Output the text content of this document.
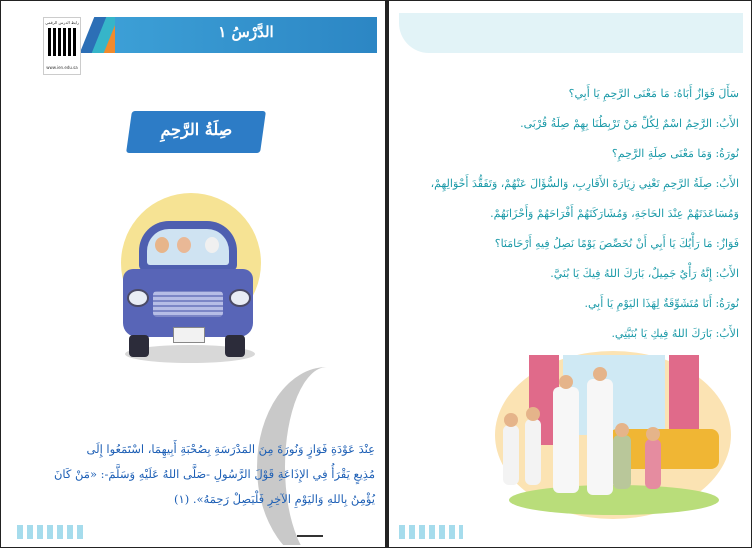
الدَّرْسُ ١
رابط الدرس الرقمي
www.ien.edu.sa
صِلَةُ الرَّحِمِ
عِنْدَ عَوْدَةِ فَوَازٍ وَنُورَةَ مِنَ المَدْرَسَةِ بِصُحْبَةِ أَبِيهِمَا، اسْتَمَعُوا إِلَى
مُذِيعٍ يَقْرَأُ فِي الإِذَاعَةِ قَوْلَ الرَّسُولِ -صَلَّى اللهُ عَلَيْهِ وَسَلَّمَ-: «مَنْ كَانَ
يُؤْمِنُ بِاللهِ وَاليَوْمِ الآخِرِ فَلْيَصِلْ رَحِمَهُ». (١)
سَأَلَ فَوَازٌ أَبَاهُ: مَا مَعْنَى الرَّحِمِ يَا أَبِي؟
الأَبُ: الرَّحِمُ اسْمٌ لِكُلِّ مَنْ تَرْبِطُنَا بِهِمْ صِلَةُ قُرْبَى.
نُورَةُ: وَمَا مَعْنَى صِلَةِ الرَّحِمِ؟
الأَبُ: صِلَةُ الرَّحِمِ تَعْنِي زِيَارَةَ الأَقَارِبِ، وَالسُّؤَالَ عَنْهُمْ، وَتَفَقُّدَ أَحْوَالِهِمْ،
وَمُسَاعَدَتَهُمْ عِنْدَ الحَاجَةِ، وَمُشَارَكَتَهُمْ أَفْرَاحَهُمْ وَأَحْزَانَهُمْ.
فَوَازٌ: مَا رَأْيُكَ يَا أَبِي أَنْ نُخَصِّصَ يَوْمًا نَصِلُ فِيهِ أَرْحَامَنَا؟
الأَبُ: إِنَّهُ رَأْيٌ جَمِيلٌ، بَارَكَ اللهُ فِيكَ يَا بُنَيَّ.
نُورَةُ: أَنَا مُتَشَوِّقَةٌ لِهَذَا اليَوْمِ يَا أَبِي.
الأَبُ: بَارَكَ اللهُ فِيكِ يَا بُنَيَّتِي.
